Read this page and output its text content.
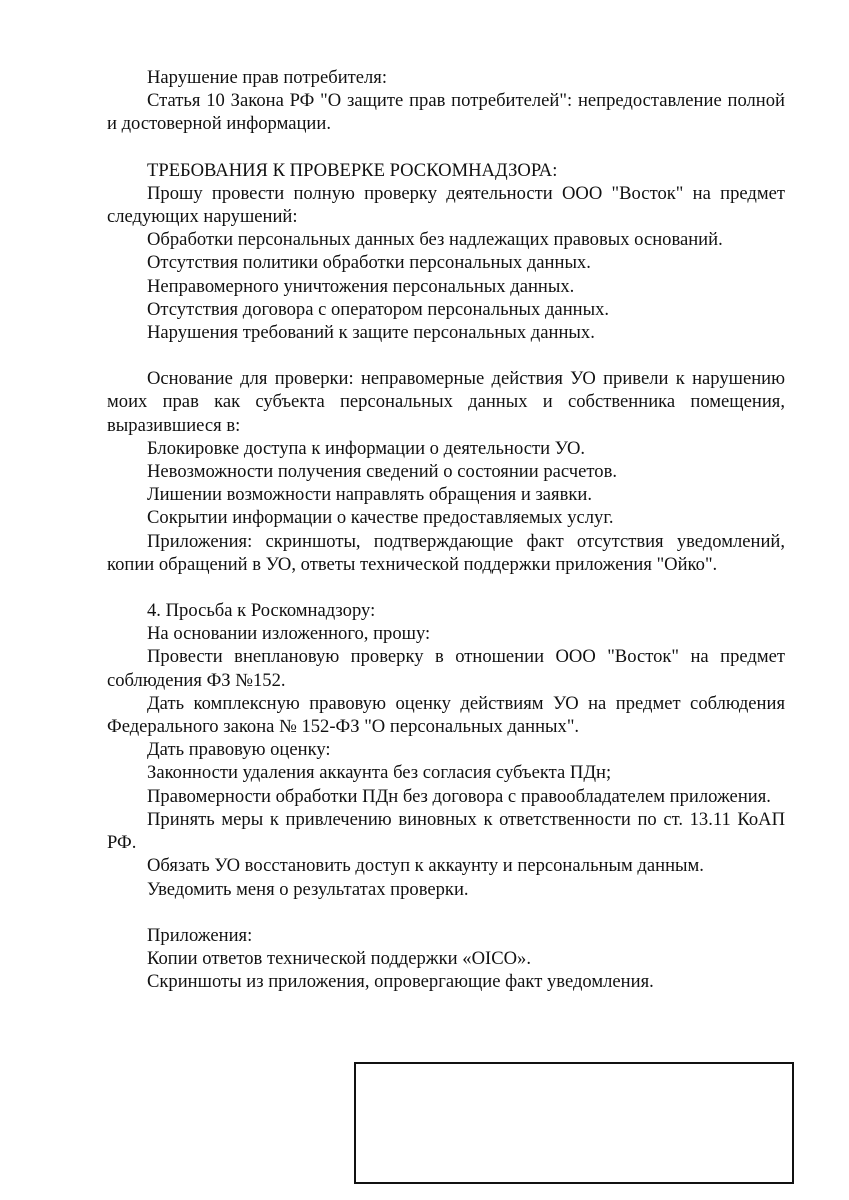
Нарушение прав потребителя:

Статья 10 Закона РФ "О защите прав потребителей": непредоставление полной и достоверной информации.

ТРЕБОВАНИЯ К ПРОВЕРКЕ РОСКОМНАДЗОРА:

Прошу провести полную проверку деятельности ООО "Восток" на предмет следующих нарушений:

Обработки персональных данных без надлежащих правовых оснований.

Отсутствия политики обработки персональных данных.

Неправомерного уничтожения персональных данных.

Отсутствия договора с оператором персональных данных.

Нарушения требований к защите персональных данных.

Основание для проверки: неправомерные действия УО привели к нарушению моих прав как субъекта персональных данных и собственника помещения, выразившиеся в:

Блокировке доступа к информации о деятельности УО.

Невозможности получения сведений о состоянии расчетов.

Лишении возможности направлять обращения и заявки.

Сокрытии информации о качестве предоставляемых услуг.

Приложения: скриншоты, подтверждающие факт отсутствия уведомлений, копии обращений в УО, ответы технической поддержки приложения "Ойко".

4. Просьба к Роскомнадзору:

На основании изложенного, прошу:

Провести внеплановую проверку в отношении ООО "Восток" на предмет соблюдения ФЗ №152.

Дать комплексную правовую оценку действиям УО на предмет соблюдения Федерального закона № 152-ФЗ "О персональных данных".

Дать правовую оценку:

Законности удаления аккаунта без согласия субъекта ПДн;

Правомерности обработки ПДн без договора с правообладателем приложения.

Принять меры к привлечению виновных к ответственности по ст. 13.11 КоАП РФ.

Обязать УО восстановить доступ к аккаунту и персональным данным.

Уведомить меня о результатах проверки.

Приложения:

Копии ответов технической поддержки «OICO».

Скриншоты из приложения, опровергающие факт уведомления.
